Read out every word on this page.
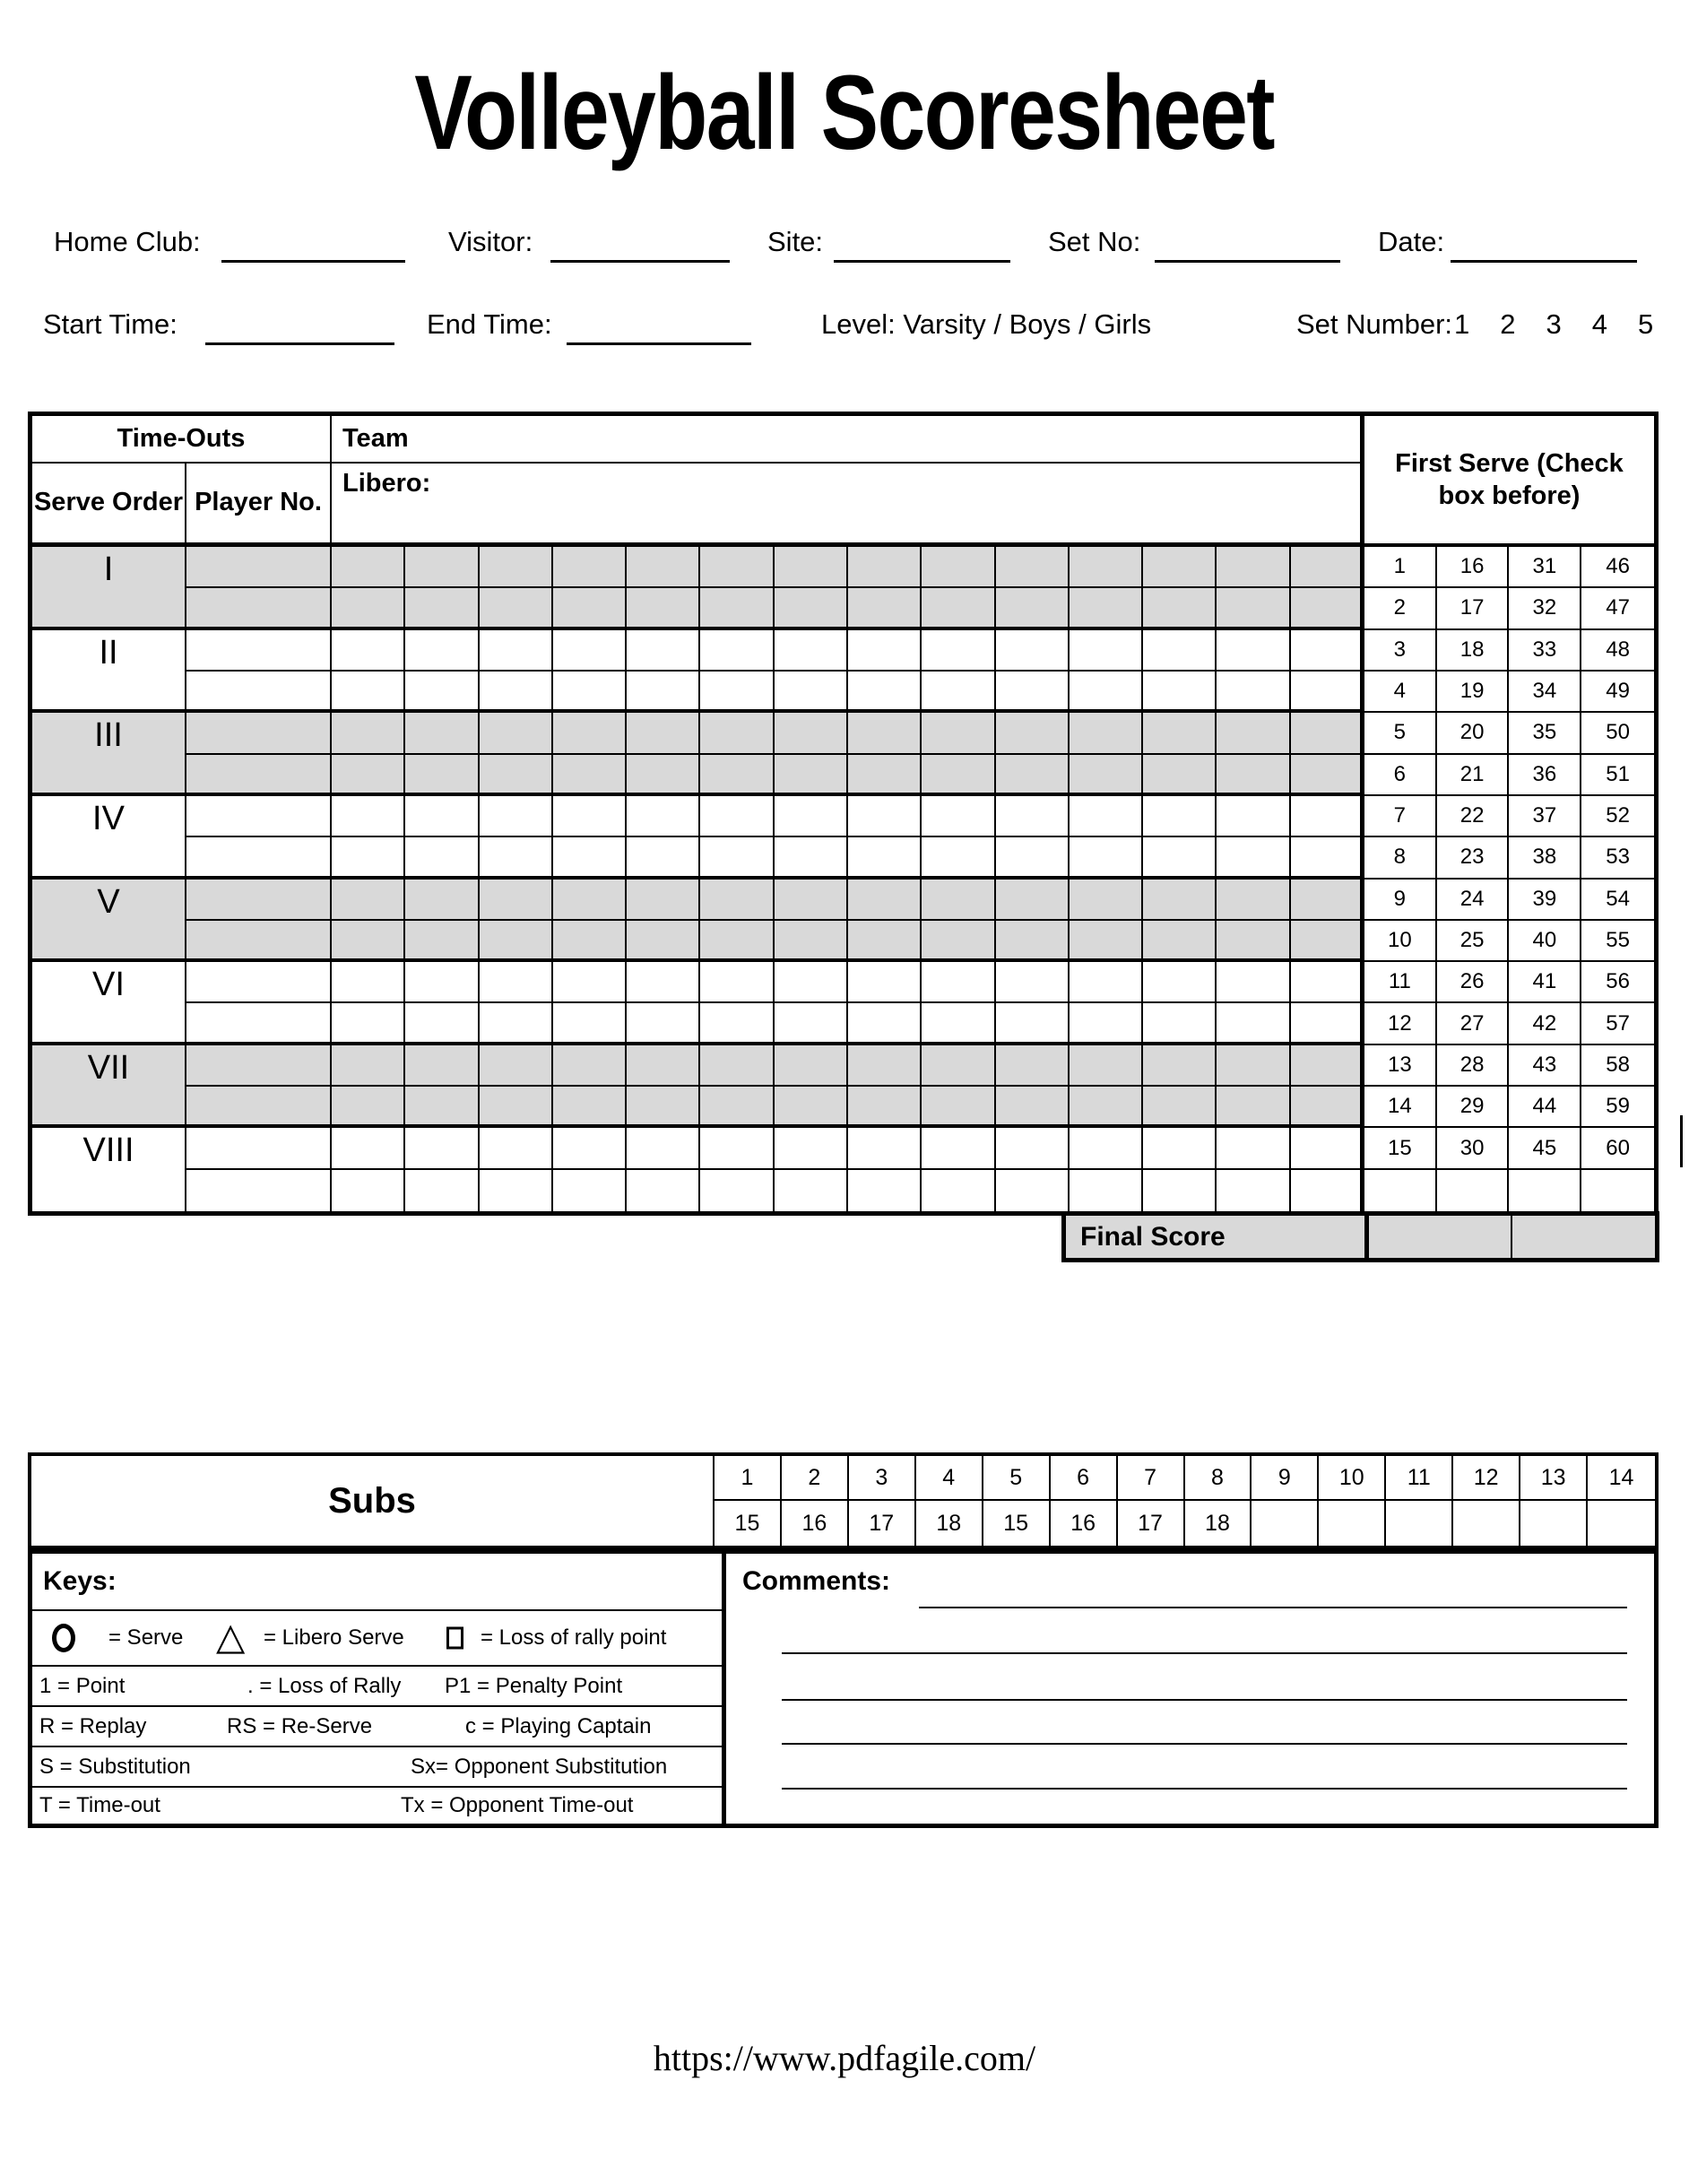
Volleyball Scoresheet
Home Club:	Visitor:	Site:	Set No:	Date:
Start Time:	End Time:	Level: Varsity / Boys / Girls	Set Number:1 2 3 4 5
Time-Outs	Team
First Serve (Check box before)
Serve Order Player No.
Libero:
I
II
III
IV
V
VI
VII
VIII
1	16	31	46
2	17	32	47
3	18	33	48
4	19	34	49
5	20	35	50
6	21	36	51
7	22	37	52
8	23	38	53
9	24	39	54
10	25	40	55
11	26	41	56
12	27	42	57
13	28	43	58
14	29	44	59
15	30	45	60
Final Score
Subs
1	2	3	4	5	6	7	8	9	10	11	12	13	14
15	16	17	18	15	16	17	18
Keys:
= Serve △ = Libero Serve	= Loss of rally point
1 = Point	. = Loss of Rally P1 = Penalty Point
R = Replay	RS = Re-Serve	c = Playing Captain
S = Substitution	Sx= Opponent Substitution
T = Time-out	Tx = Opponent Time-out
Comments:
https://www.pdfagile.com/
